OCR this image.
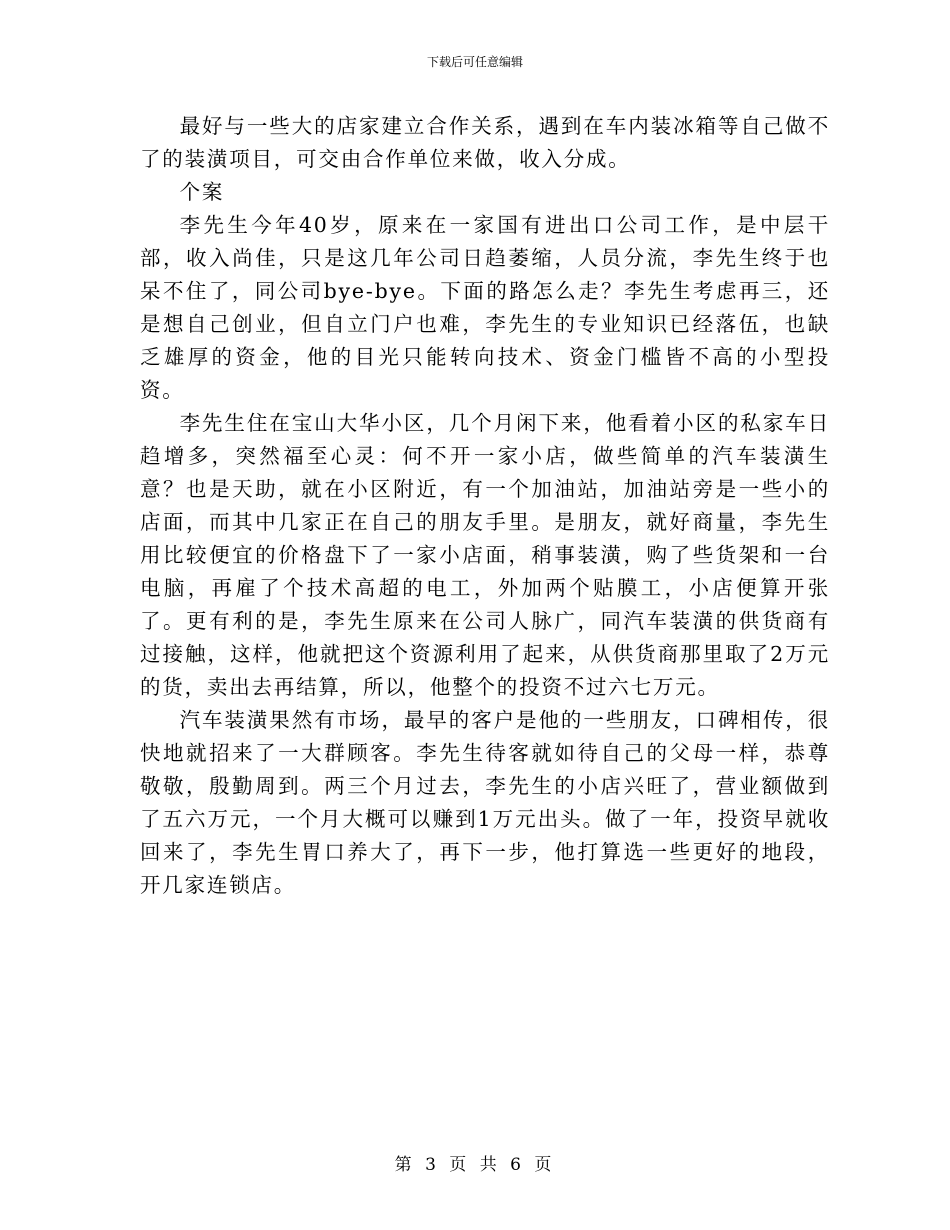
下载后可任意编辑

最好与一些大的店家建立合作关系，遇到在车内装冰箱等自己做不了的装潢项目，可交由合作单位来做，收入分成。

个案

李先生今年40岁，原来在一家国有进出口公司工作，是中层干部，收入尚佳，只是这几年公司日趋萎缩，人员分流，李先生终于也呆不住了，同公司bye-bye。下面的路怎么走？李先生考虑再三，还是想自己创业，但自立门户也难，李先生的专业知识已经落伍，也缺乏雄厚的资金，他的目光只能转向技术、资金门槛皆不高的小型投资。

李先生住在宝山大华小区，几个月闲下来，他看着小区的私家车日趋增多，突然福至心灵：何不开一家小店，做些简单的汽车装潢生意？也是天助，就在小区附近，有一个加油站，加油站旁是一些小的店面，而其中几家正在自己的朋友手里。是朋友，就好商量，李先生用比较便宜的价格盘下了一家小店面，稍事装潢，购了些货架和一台电脑，再雇了个技术高超的电工，外加两个贴膜工，小店便算开张了。更有利的是，李先生原来在公司人脉广，同汽车装潢的供货商有过接触，这样，他就把这个资源利用了起来，从供货商那里取了2万元的货，卖出去再结算，所以，他整个的投资不过六七万元。

汽车装潢果然有市场，最早的客户是他的一些朋友，口碑相传，很快地就招来了一大群顾客。李先生待客就如待自己的父母一样，恭尊敬敬，殷勤周到。两三个月过去，李先生的小店兴旺了，营业额做到了五六万元，一个月大概可以赚到1万元出头。做了一年，投资早就收回来了，李先生胃口养大了，再下一步，他打算选一些更好的地段，开几家连锁店。

第 3 页 共 6 页
